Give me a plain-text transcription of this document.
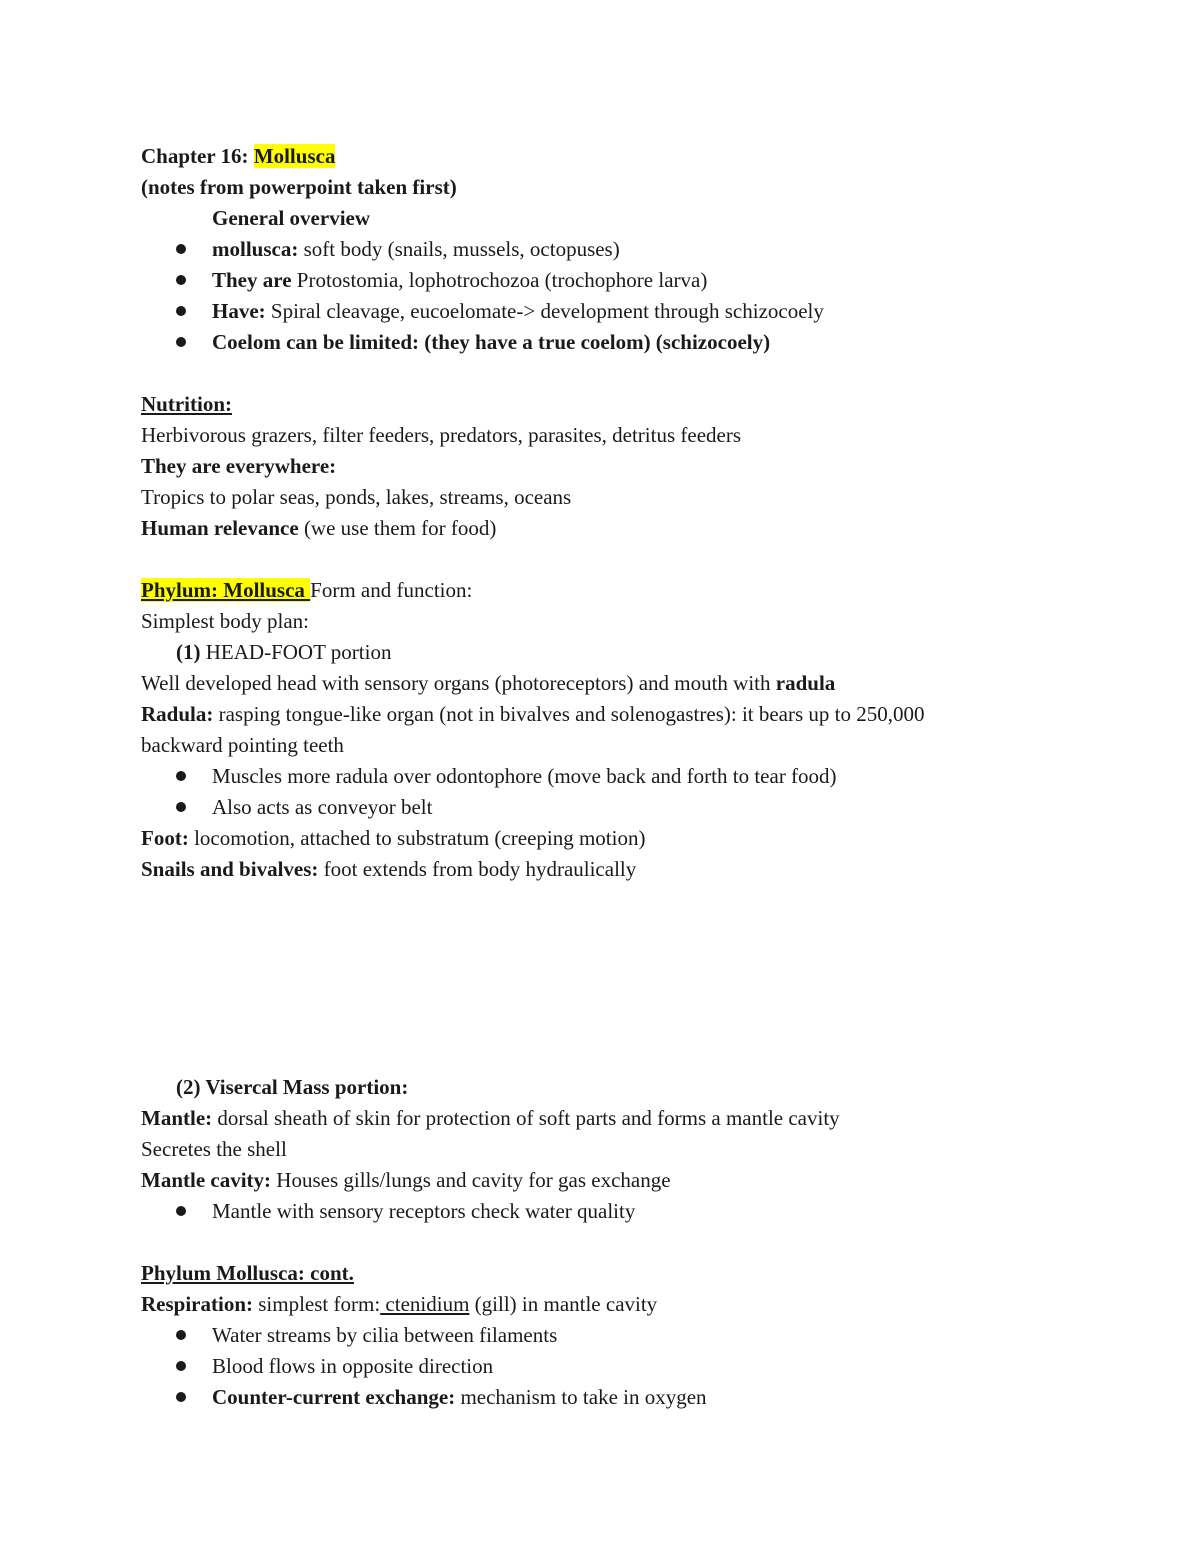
Chapter 16: Mollusca
(notes from powerpoint taken first)
General overview
mollusca: soft body (snails, mussels, octopuses)
They are Protostomia, lophotrochozoa (trochophore larva)
Have: Spiral cleavage, eucoelomate-> development through schizocoely
Coelom can be limited: (they have a true coelom) (schizocoely)
Nutrition:
Herbivorous grazers, filter feeders, predators, parasites, detritus feeders
They are everywhere:
Tropics to polar seas, ponds, lakes, streams, oceans
Human relevance (we use them for food)
Phylum: Mollusca Form and function:
Simplest body plan:
(1) HEAD-FOOT portion
Well developed head with sensory organs (photoreceptors) and mouth with radula
Radula: rasping tongue-like organ (not in bivalves and solenogastres): it bears up to 250,000
backward pointing teeth
Muscles more radula over odontophore (move back and forth to tear food)
Also acts as conveyor belt
Foot: locomotion, attached to substratum (creeping motion)
Snails and bivalves: foot extends from body hydraulically
(2) Visercal Mass portion:
Mantle: dorsal sheath of skin for protection of soft parts and forms a mantle cavity
Secretes the shell
Mantle cavity: Houses gills/lungs and cavity for gas exchange
Mantle with sensory receptors check water quality
Phylum Mollusca: cont.
Respiration: simplest form: ctenidium (gill) in mantle cavity
Water streams by cilia between filaments
Blood flows in opposite direction
Counter-current exchange: mechanism to take in oxygen
